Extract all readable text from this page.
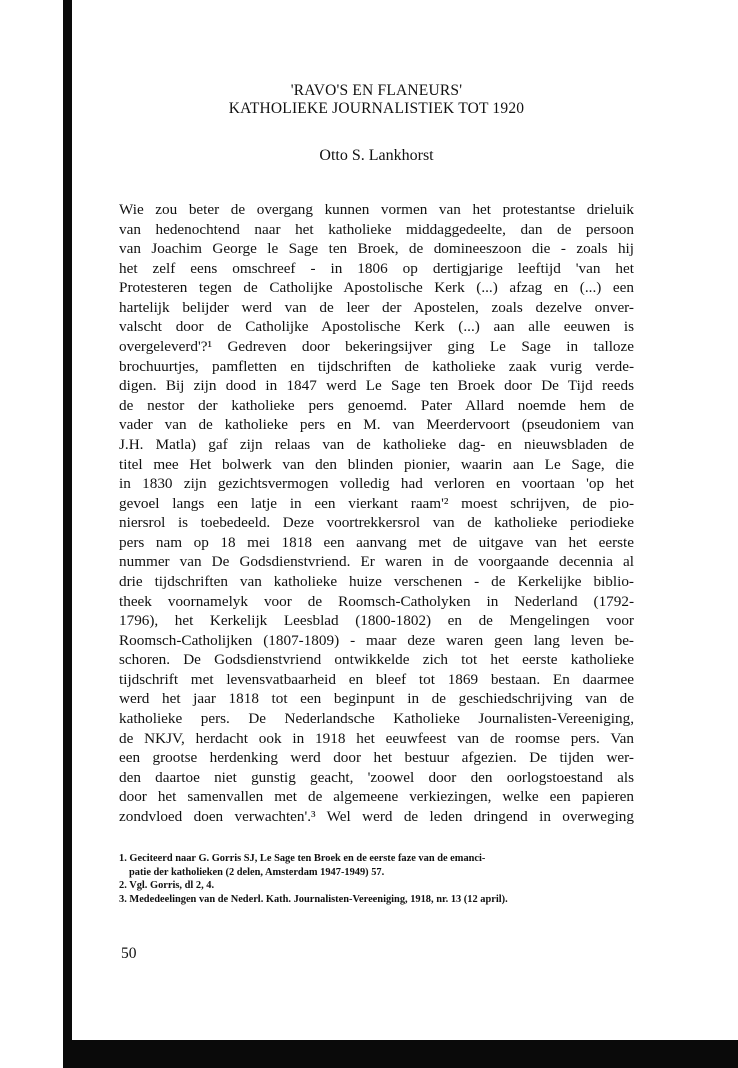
'RAVO'S EN FLANEURS'
KATHOLIEKE JOURNALISTIEK TOT 1920
Otto S. Lankhorst
Wie zou beter de overgang kunnen vormen van het protestantse drieluik
van hedenochtend naar het katholieke middaggedeelte, dan de persoon
van Joachim George le Sage ten Broek, de domineeszoon die - zoals hij
het zelf eens omschreef - in 1806 op dertigjarige leeftijd 'van het
Protesteren tegen de Catholijke Apostolische Kerk (...) afzag en (...) een
hartelijk belijder werd van de leer der Apostelen, zoals dezelve onver-
valscht door de Catholijke Apostolische Kerk (...) aan alle eeuwen is
overgeleverd'?¹ Gedreven door bekeringsijver ging Le Sage in talloze
brochuurtjes, pamfletten en tijdschriften de katholieke zaak vurig verde-
digen. Bij zijn dood in 1847 werd Le Sage ten Broek door De Tijd reeds
de nestor der katholieke pers genoemd. Pater Allard noemde hem de
vader van de katholieke pers en M. van Meerdervoort (pseudoniem van
J.H. Matla) gaf zijn relaas van de katholieke dag- en nieuwsbladen de
titel mee Het bolwerk van den blinden pionier, waarin aan Le Sage, die
in 1830 zijn gezichtsvermogen volledig had verloren en voortaan 'op het
gevoel langs een latje in een vierkant raam'² moest schrijven, de pio-
niersrol is toebedeeld. Deze voortrekkersrol van de katholieke periodieke
pers nam op 18 mei 1818 een aanvang met de uitgave van het eerste
nummer van De Godsdienstvriend. Er waren in de voorgaande decennia al
drie tijdschriften van katholieke huize verschenen - de Kerkelijke biblio-
theek voornamelyk voor de Roomsch-Catholyken in Nederland (1792-
1796), het Kerkelijk Leesblad (1800-1802) en de Mengelingen voor
Roomsch-Catholijken (1807-1809) - maar deze waren geen lang leven be-
schoren. De Godsdienstvriend ontwikkelde zich tot het eerste katholieke
tijdschrift met levensvatbaarheid en bleef tot 1869 bestaan. En daarmee
werd het jaar 1818 tot een beginpunt in de geschiedschrijving van de
katholieke pers. De Nederlandsche Katholieke Journalisten-Vereeniging,
de NKJV, herdacht ook in 1918 het eeuwfeest van de roomse pers. Van
een grootse herdenking werd door het bestuur afgezien. De tijden wer-
den daartoe niet gunstig geacht, 'zoowel door den oorlogstoestand als
door het samenvallen met de algemeene verkiezingen, welke een papieren
zondvloed doen verwachten'.³ Wel werd de leden dringend in overweging
1. Geciteerd naar G. Gorris SJ, Le Sage ten Broek en de eerste faze van de emanci-
patie der katholieken (2 delen, Amsterdam 1947-1949) 57.
2. Vgl. Gorris, dl 2, 4.
3. Mededeelingen van de Nederl. Kath. Journalisten-Vereeniging, 1918, nr. 13 (12 april).
50
